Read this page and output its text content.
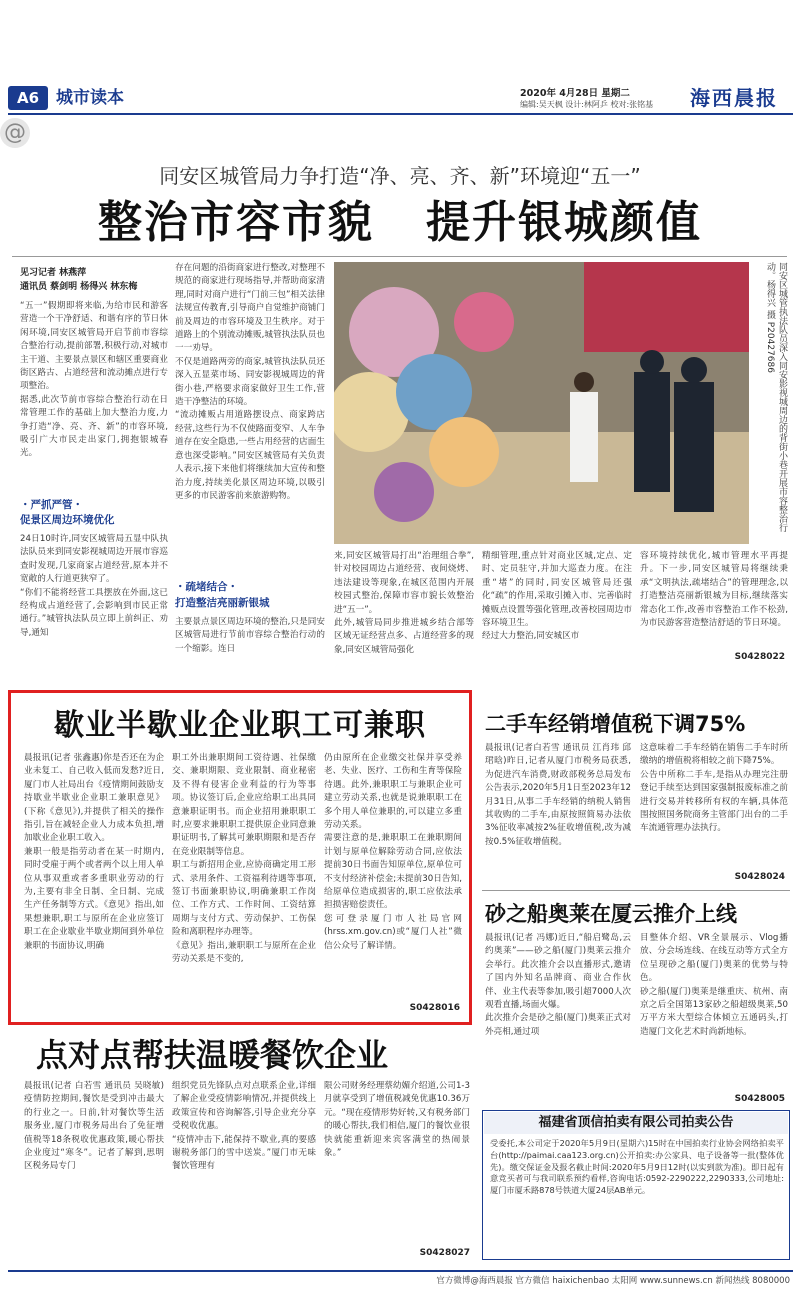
A6 城市读本	2020年 4月28日 星期二
编辑:吴天枫 设计:林阿乒 校对:张铭基 海西晨报
@
同安区城管局力争打造“净、亮、齐、新”环境迎“五一”
整治市容市貌   提升银城颜值
见习记者 林燕萍
通讯员 蔡剑明 杨得兴 林东梅
“五一”假期即将来临,为给市民和游客营造一个干净舒适、和谐有序的节日休闲环境,同安区城管局开启节前市容综合整治行动,提前部署,积极行动,对城市主干道、主要景点景区和辖区重要商业街区路古、占道经营和流动摊点进行专项整治。
据悉,此次节前市容综合整治行动在日常管理工作的基础上加大整治力度,力争打造“净、亮、齐、新”的市容环境,吸引广大市民走出家门,拥抱银城春光。
・严抓严管・
促景区周边环境优化
24日10时许,同安区城管局五显中队执法队员来到同安影视城周边开展市容巡查时发现,几家商家占道经营,原本并不宽敞的人行道更狭窄了。
“你们不能将经营工具摆放在外面,这已经构成占道经营了,会影响到市民正常通行。”城管执法队员立即上前纠正、劝导,通知
存在问题的沿街商家进行整改,对整理不规范的商家进行现场指导,并帮助商家清理,同时对商户进行“门前三包”相关法律法规宣传教育,引导商户自觉维护商铺门前及周边的市容环境及卫生秩序。对于道路上的个别流动摊贩,城管执法队员也一一劝导。
不仅是道路两旁的商家,城管执法队员还深入五显菜市场、同安影视城周边的背街小巷,严格要求商家做好卫生工作,营造干净整洁的环境。
“流动摊贩占用道路摆设点、商家跨店经营,这些行为不仅使路面变窄、人车争道存在安全隐患,一些占用经营的店面生意也深受影响。”同安区城管局有关负责人表示,接下来他们将继续加大宣传和整治力度,持续美化景区周边环境,以吸引更多的市民游客前来旅游购物。
・疏堵结合・
打造整洁亮丽新银城
主要景点景区周边环境的整治,只是同安区城管局进行节前市容综合整治行动的一个缩影。连日
同安区城管执法队员深入同安影视城周边的背街小巷开展市容整治行动。杨得兴 摄 P20427686
来,同安区城管局打出“治理组合拳”,针对校园周边占道经营、夜间烧烤、违法建设等现象,在城区范围内开展校园式整治,保障市容市貌长效整治进“五一”。
此外,城管局同步推进城乡结合部等区域无证经营点多、占道经营多的现象,同安区城管局强化
精细管理,重点针对商业区城,定点、定时、定员驻守,并加大巡查力度。在注重“堵”的同时,同安区城管局还强化“疏”的作用,采取引摊入市、完善临时摊贩点设置等强化管理,改善校园周边市容环境卫生。
经过大力整治,同安城区市
容环境持续优化,城市管理水平再提升。下一步,同安区城管局将继续秉承“文明执法,疏堵结合”的管理理念,以打造整洁亮丽新银城为目标,继续落实常态化工作,改善市容整治工作不松劲,为市民游客营造整洁舒适的节日环境。
S0428022
歇业半歇业企业职工可兼职
晨报讯(记者 张鑫惠)你是否还在为企业未复工、自己收入低而发愁?近日,厦门市人社局出台《疫情期间鼓励支持歇业半歇业企业职工兼职意见》(下称《意见》),并提供了相关的操作指引,旨在减轻企业人力成本负担,增加歇业企业职工收入。
兼职一般是指劳动者在某一时期内,同时受雇于两个或者两个以上用人单位从事双重或者多重职业劳动的行为,主要有非全日制、全日制、完成生产任务制等方式。《意见》指出,如果想兼职,职工与原所在企业应签订职工在企业歇业半歇业期间到外单位兼职的书面协议,明确
职工外出兼职期间工资待遇、社保缴交、兼职期限、竞业限制、商业秘密及不得有侵害企业利益的行为等事项。协议签订后,企业应给职工出具同意兼职证明书。而企业招用兼职职工时,应要求兼职职工提供原企业同意兼职证明书,了解其可兼职期限和是否存在竞业限制等信息。
职工与新招用企业,应协商确定用工形式、录用条件、工资福利待遇等事项,签订书面兼职协议,明确兼职工作岗位、工作方式、工作时间、工资结算周期与支付方式、劳动保护、工伤保险和离职程序办理等。
《意见》指出,兼职职工与原所在企业劳动关系是不变的,
仍由原所在企业缴交社保并享受养老、失业、医疗、工伤和生育等保险待遇。此外,兼职职工与兼职企业可建立劳动关系,也就是说兼职职工在多个用人单位兼职的,可以建立多重劳动关系。
需要注意的是,兼职职工在兼职期间计划与原单位解除劳动合同,应依法提前30日书面告知原单位,原单位可不支付经济补偿金;未提前30日告知,给原单位造成损害的,职工应依法承担损害赔偿责任。
您可登录厦门市人社局官网(hrss.xm.gov.cn)或“厦门人社”微信公众号了解详情。
S0428016
二手车经销增值税下调75%
晨报讯(记者白若雪 通讯员 江肖玮 邱珺晗)昨日,记者从厦门市税务局获悉,为促进汽车消费,财政部税务总局发布公告表示,2020年5月1日至2023年12月31日,从事二手车经销的纳税人销售其收购的二手车,由原按照简易办法依3%征收率减按2%征收增值税,改为减按0.5%征收增值税。
这意味着二手车经销在销售二手车时所缴纳的增值税将相较之前下降75%。
公告中所称二手车,是指从办理完注册登记手续至达到国家强制报废标准之前进行交易并转移所有权的车辆,具体范围按照国务院商务主管部门出台的二手车流通管理办法执行。
S0428024
砂之船奥莱在厦云推介上线
晨报讯(记者 冯娜)近日,“船启鹭岛,云约奥莱”——砂之船(厦门)奥莱云推介会举行。此次推介会以直播形式,邀请了国内外知名品牌商、商业合作伙伴、业主代表等参加,吸引超7000人次观看直播,场面火爆。
此次推介会是砂之船(厦门)奥莱正式对外亮相,通过项
目整体介绍、VR全景展示、Vlog播放、分会场连线、在线互动等方式全方位呈现砂之船(厦门)奥莱的优势与特色。
砂之船(厦门)奥莱是继重庆、杭州、南京之后全国第13家砂之船超级奥莱,50万平方米大型综合体倾立五通码头,打造厦门文化艺术时尚新地标。
S0428005
点对点帮扶温暖餐饮企业
晨报讯(记者 白若雪 通讯员 吴晓敏)疫情防控期间,餐饮是受到冲击最大的行业之一。日前,针对餐饮等生活服务业,厦门市税务局出台了免征增值税等18条税收优惠政策,暖心帮扶企业度过“寒冬”。记者了解到,思明区税务局专门
组织党员先锋队点对点联系企业,详细了解企业受疫情影响情况,并提供线上政策宣传和咨询解答,引导企业充分享受税收优惠。
“疫情冲击下,能保持不歇业,真的要感谢税务部门的雪中送炭。”厦门市无味餐饮管理有
限公司财务经理蔡幼媚介绍道,公司1-3月就享受到了增值税减免优惠10.36万元。“现在疫情形势好转,又有税务部门的暖心帮扶,我们相信,厦门的餐饮业很快就能重新迎来宾客满堂的热闹景象。”
S0428027
福建省顶信拍卖有限公司拍卖公告
受委托,本公司定于2020年5月9日(星期六)15时在中国拍卖行业协会网络拍卖平台(http://paimai.caa123.org.cn)公开拍卖:办公家具、电子设备等一批(整体优先)。缴交保证金及报名截止时间:2020年5月9日12时(以实到款为准)。即日起有意竞买者可与我司联系预约看样,咨询电话:0592-2290222,2290333,公司地址:厦门市厦禾路878号铁道大厦24层AB单元。
官方微博@海西晨报 官方微信 haixichenbao 太阳网 www.sunnews.cn 新闻热线 8080000
